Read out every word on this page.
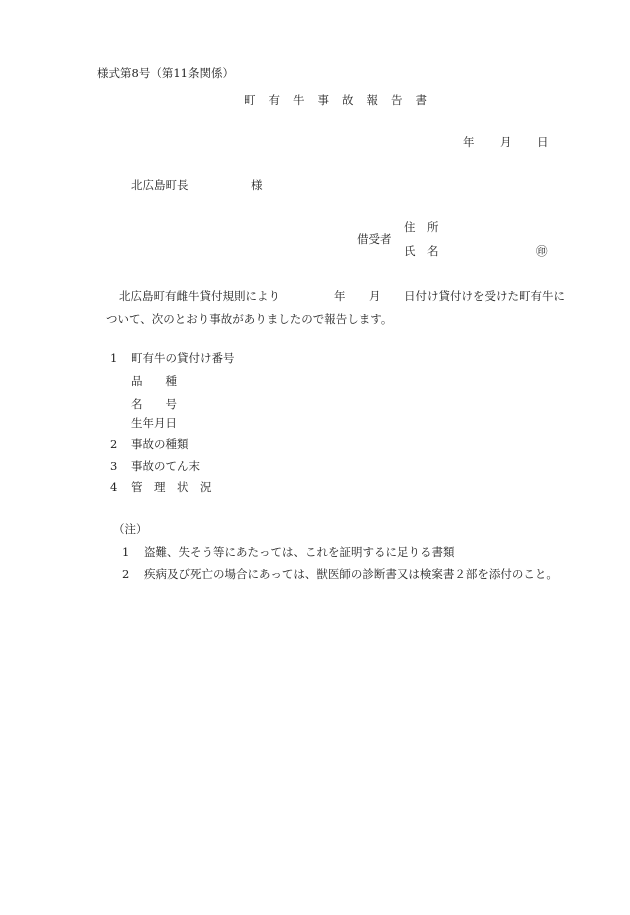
様式第8号（第11条関係）
町有牛事故報告書
年 月 日
北広島町長	様
借受者
住　所
氏　名	㊞
北広島町有雌牛貸付規則により	年 月 日付け貸付けを受けた町有牛に
ついて、次のとおり事故がありましたので報告します。
1 町有牛の貸付け番号
品　　種
名　　号
生年月日
2 事故の種類
3 事故のてん末
4 管　理　状　況
（注）
1 盗難、失そう等にあたっては、これを証明するに足りる書類
2 疾病及び死亡の場合にあっては、獣医師の診断書又は検案書２部を添付のこと。
